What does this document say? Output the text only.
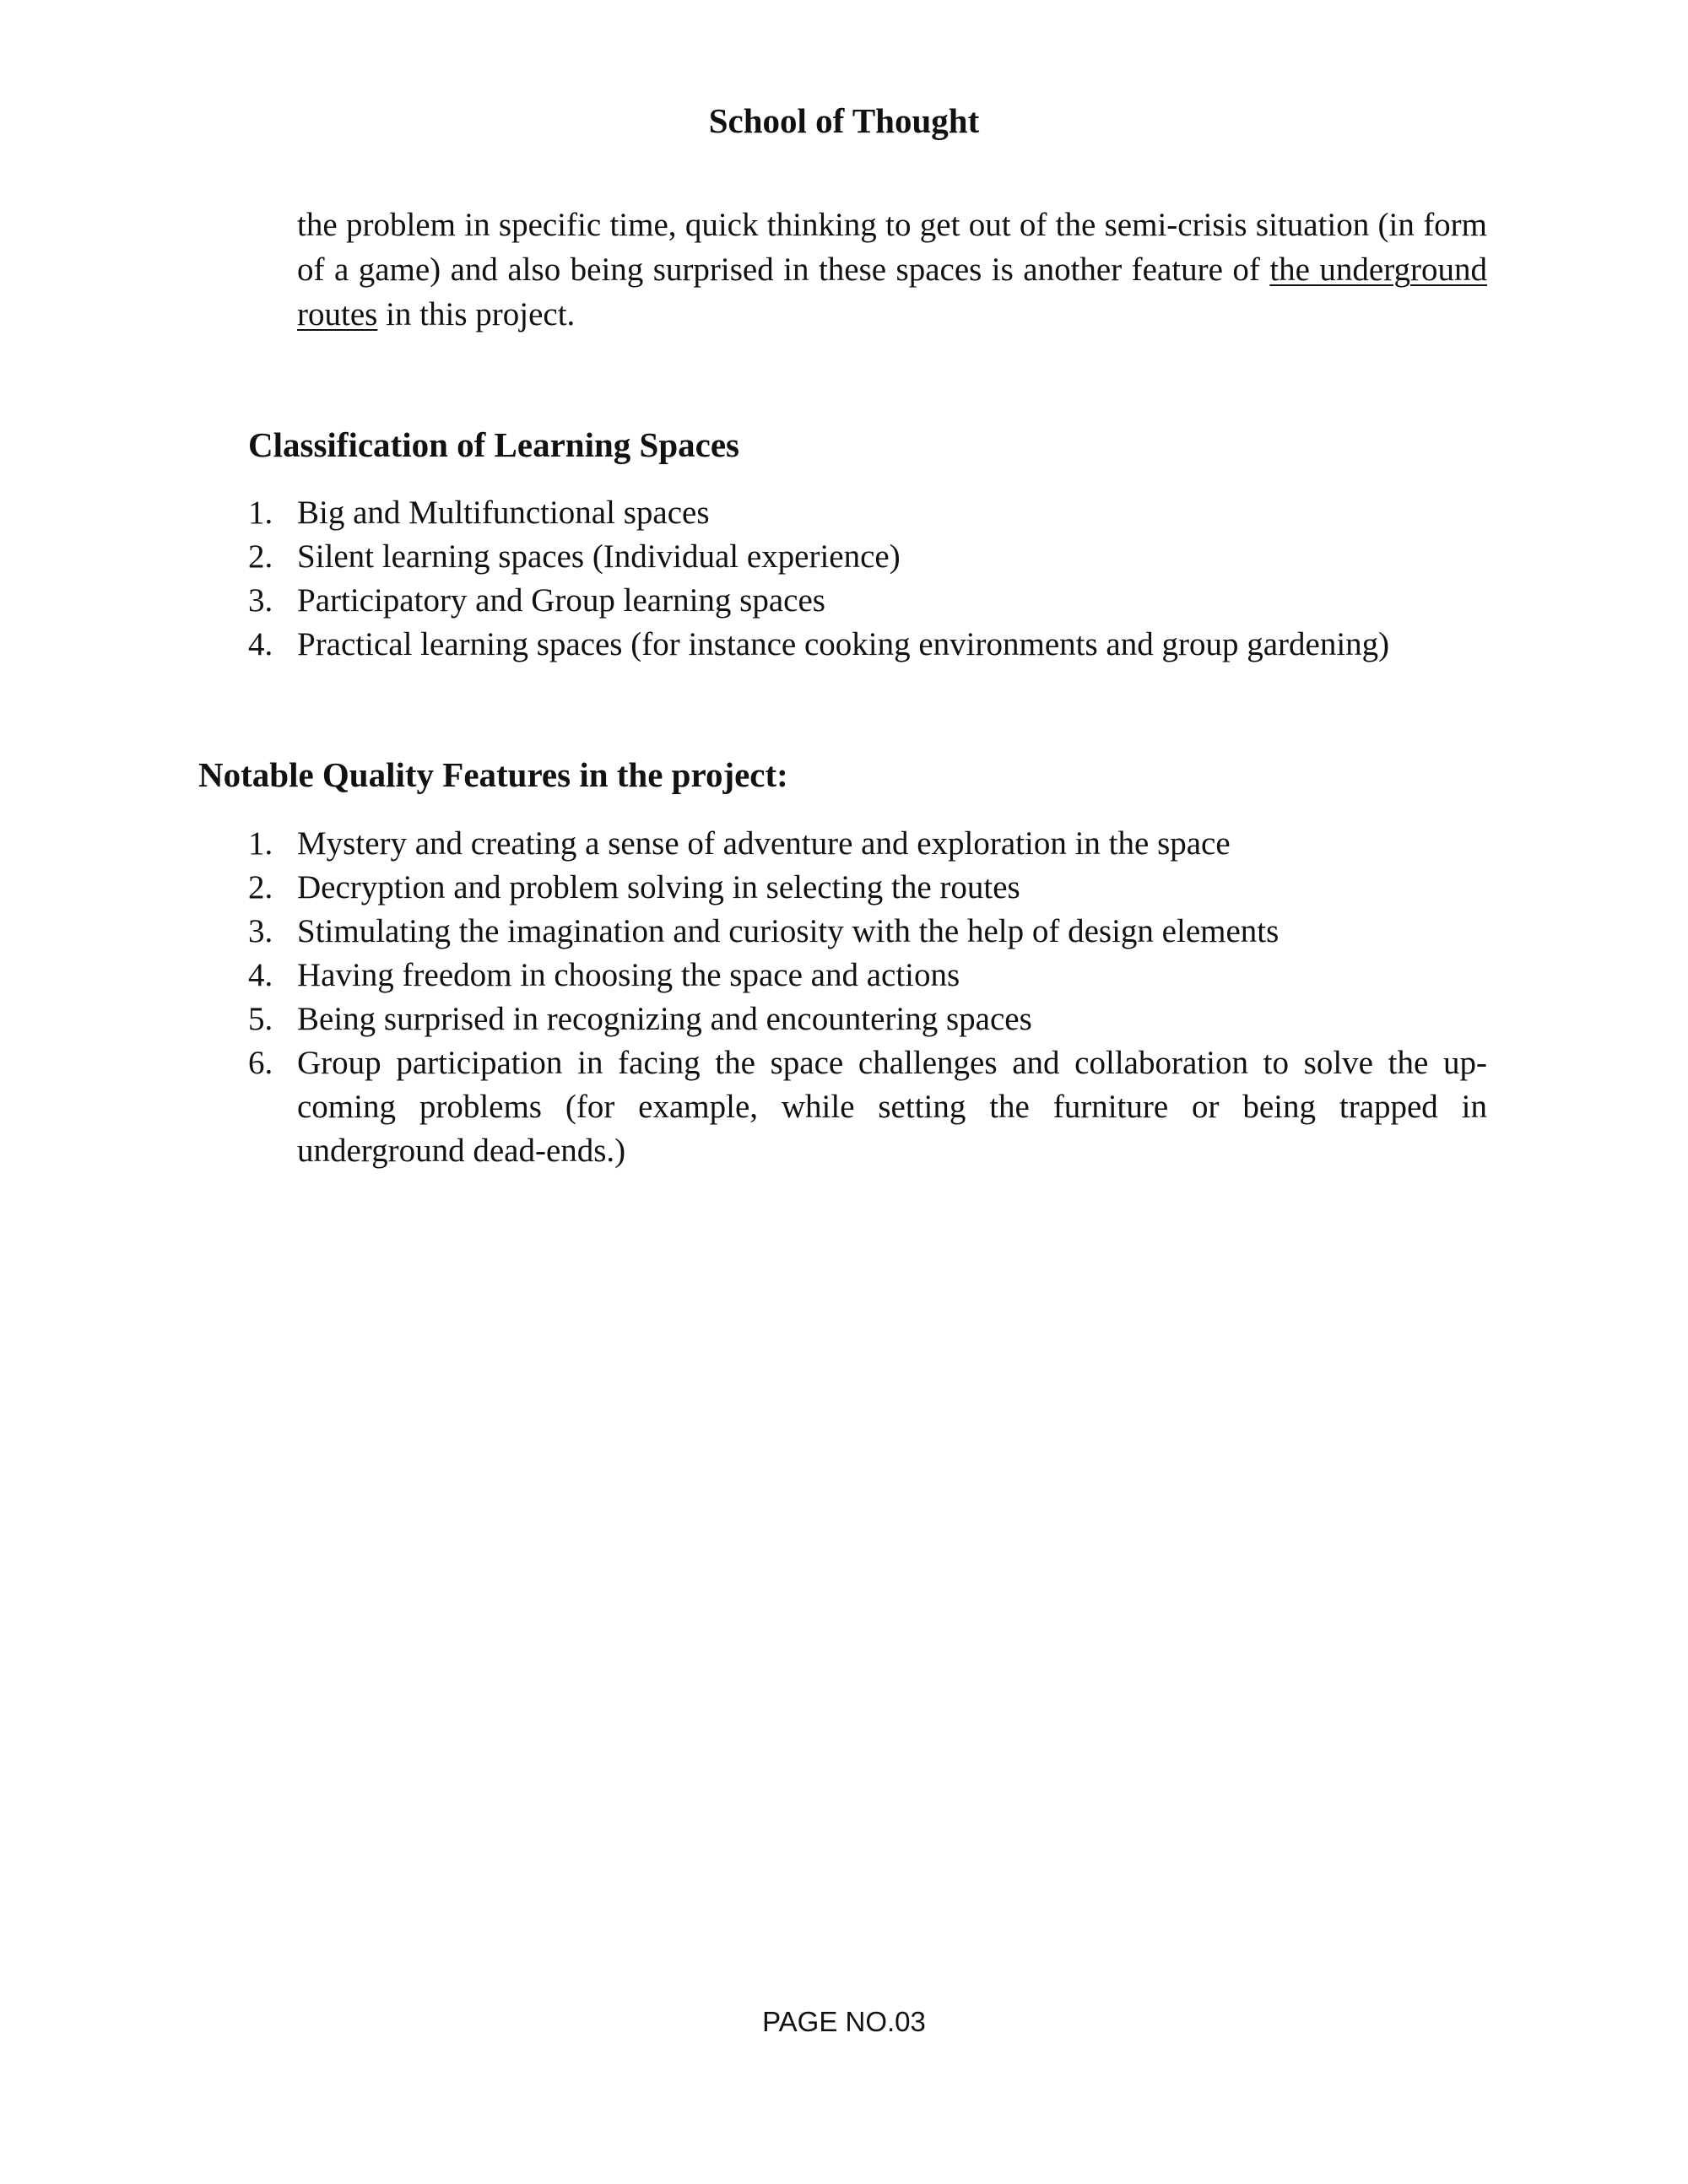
School of Thought

the problem in specific time, quick thinking to get out of the semi-crisis situation (in form of a game) and also being surprised in these spaces is another feature of the underground routes in this project.

Classification of Learning Spaces
1. Big and Multifunctional spaces
2. Silent learning spaces (Individual experience)
3. Participatory and Group learning spaces
4. Practical learning spaces (for instance cooking environments and group gardening)
Notable Quality Features in the project:
1. Mystery and creating a sense of adventure and exploration in the space
2. Decryption and problem solving in selecting the routes
3. Stimulating the imagination and curiosity with the help of design elements
4. Having freedom in choosing the space and actions
5. Being surprised in recognizing and encountering spaces
6. Group participation in facing the space challenges and collaboration to solve the up-coming problems (for example, while setting the furniture or being trapped in underground dead-ends.)
PAGE NO.03
